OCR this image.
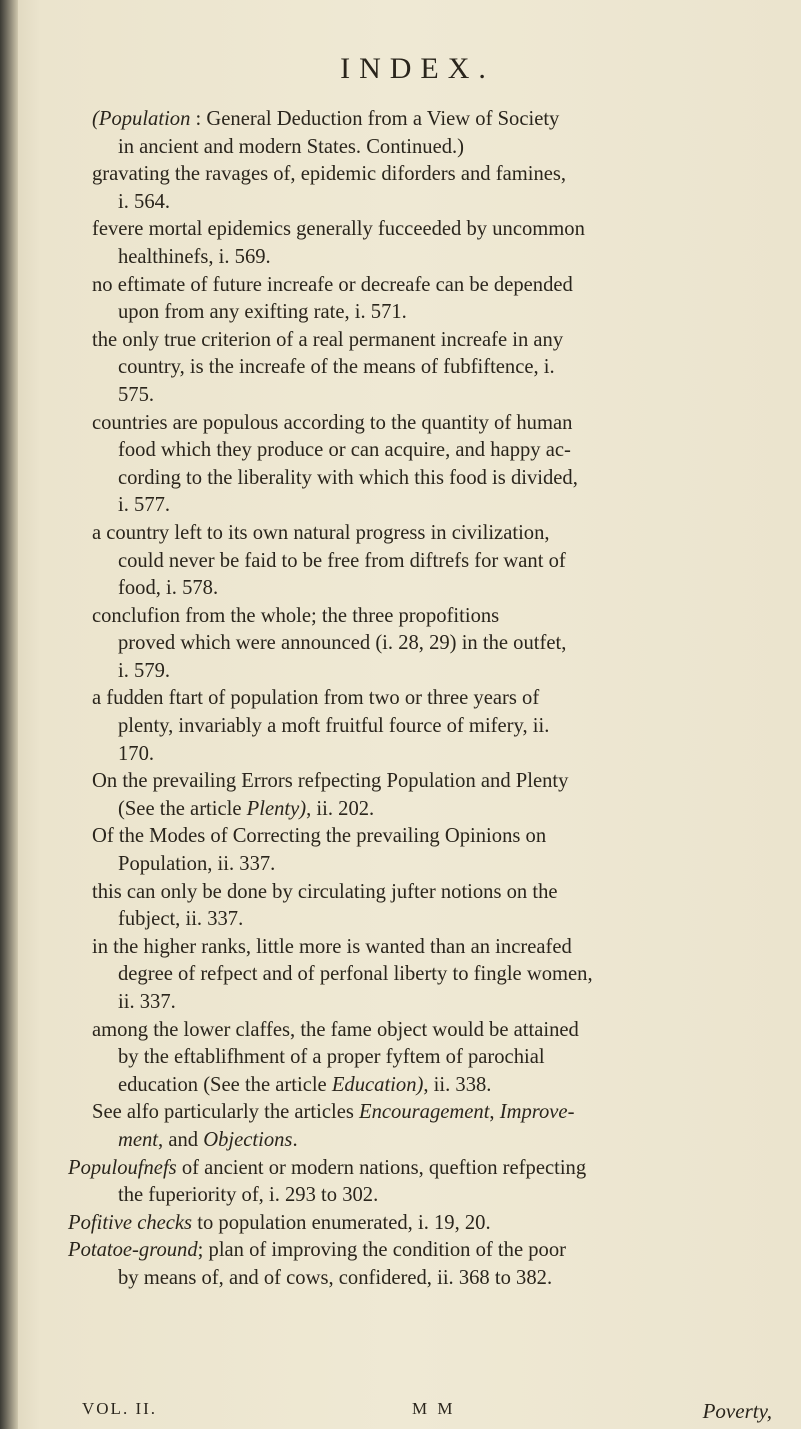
INDEX.
(Population : General Deduction from a View of Society
in ancient and modern States. Continued.)
gravating the ravages of, epidemic diforders and famines,
i. 564.
fevere mortal epidemics generally fucceeded by uncommon
healthinefs, i. 569.
no eftimate of future increafe or decreafe can be depended
upon from any exifting rate, i. 571.
the only true criterion of a real permanent increafe in any
country, is the increafe of the means of fubfiftence, i.
575.
countries are populous according to the quantity of human
food which they produce or can acquire, and happy ac-
cording to the liberality with which this food is divided,
i. 577.
a country left to its own natural progress in civilization,
could never be faid to be free from diftrefs for want of
food, i. 578.
conclufion from the whole; the three propofitions
proved which were announced (i. 28, 29) in the outfet,
i. 579.
a fudden ftart of population from two or three years of
plenty, invariably a moft fruitful fource of mifery, ii.
170.
On the prevailing Errors refpecting Population and Plenty
(See the article Plenty), ii. 202.
Of the Modes of Correcting the prevailing Opinions on
Population, ii. 337.
this can only be done by circulating jufter notions on the
fubject, ii. 337.
in the higher ranks, little more is wanted than an increafed
degree of refpect and of perfonal liberty to fingle women,
ii. 337.
among the lower claffes, the fame object would be attained
by the eftablifhment of a proper fyftem of parochial
education (See the article Education), ii. 338.
See alfo particularly the articles Encouragement, Improve-
ment, and Objections.
Populoufnefs of ancient or modern nations, queftion refpecting
the fuperiority of, i. 293 to 302.
Pofitive checks to population enumerated, i. 19, 20.
Potatoe-ground; plan of improving the condition of the poor
by means of, and of cows, confidered, ii. 368 to 382.
VOL. II.	M M	Poverty,
